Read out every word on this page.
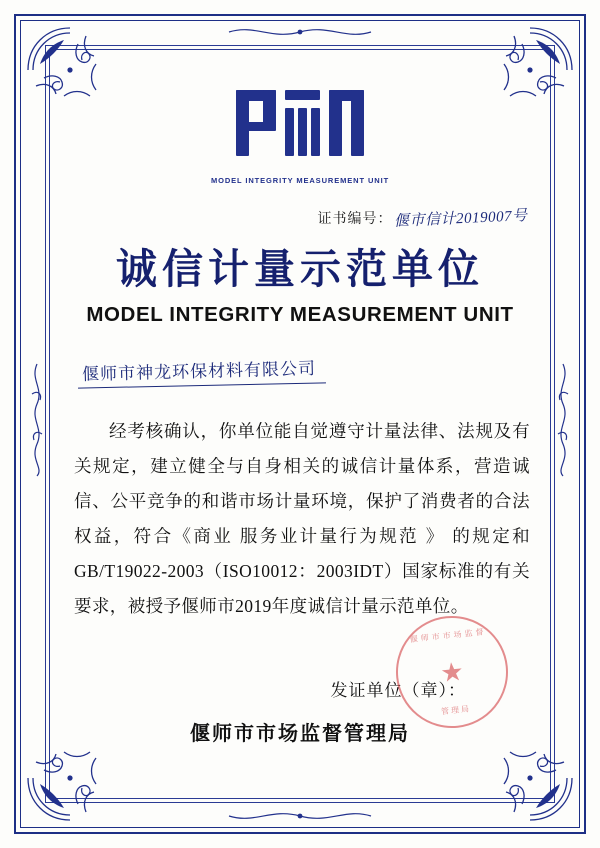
MODEL INTEGRITY MEASUREMENT UNIT
证书编号： 偃市信计2019007号
诚信计量示范单位
MODEL INTEGRITY MEASUREMENT UNIT
偃师市神龙环保材料有限公司

经考核确认，你单位能自觉遵守计量法律、法规及有关规定，建立健全与自身相关的诚信计量体系，营造诚信、公平竞争的和谐市场计量环境，保护了消费者的合法权益，符合《商业 服务业计量行为规范 》 的规定和 GB/T19022-2003（ISO10012：2003IDT）国家标准的有关要求，被授予偃师市2019年度诚信计量示范单位。

发证单位（章）：
偃师市市场监督
★
管理局
偃师市市场监督管理局
